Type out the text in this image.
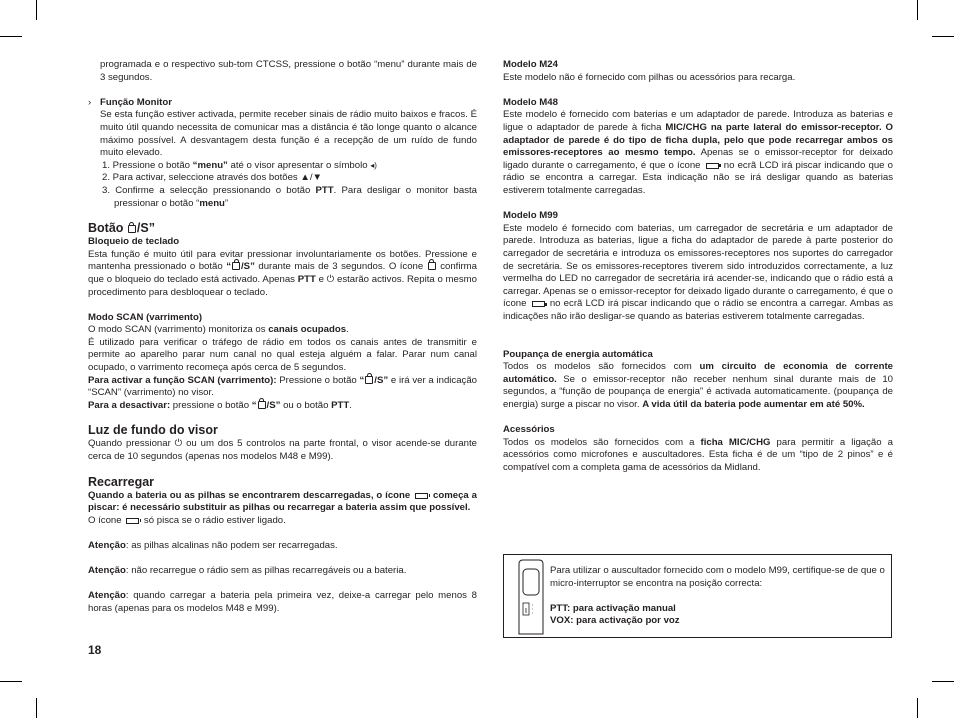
programada e o respectivo sub-tom CTCSS, pressione o botão “menu” durante mais de 3 segundos.

› Função Monitor

Se esta função estiver activada, permite receber sinais de rádio muito baixos e fracos. É muito útil quando necessita de comunicar mas a distância é tão longe quanto o alcance máximo possível. A desvantagem desta função é a recepção de um ruído de fundo muito elevado.

1. Pressione o botão “menu” até o visor apresentar o símbolo ◂)

2. Para activar, seleccione através dos botões ▲/▼

3. Confirme a selecção pressionando o botão PTT. Para desligar o monitor basta pressionar o botão “menu”

Botão /S”

Bloqueio de teclado

Esta função é muito útil para evitar pressionar involuntariamente os botões. Pressione e mantenha pressionado o botão “ /S” durante mais de 3 segundos. O ícone  confirma que o bloqueio do teclado está activado. Apenas PTT e ⏻ estarão activos. Repita o mesmo procedimento para desbloquear o teclado.

Modo SCAN (varrimento)

O modo SCAN (varrimento) monitoriza os canais ocupados.

É utilizado para verificar o tráfego de rádio em todos os canais antes de transmitir e permite ao aparelho parar num canal no qual esteja alguém a falar. Parar num canal ocupado, o varrimento recomeça após cerca de 5 segundos.

Para activar a função SCAN (varrimento): Pressione o botão “ /S” e irá ver a indicação “SCAN” (varrimento) no visor.

Para a desactivar: pressione o botão “ /S” ou o botão PTT.

Luz de fundo do visor

Quando pressionar ⏻ ou um dos 5 controlos na parte frontal, o visor acende-se durante cerca de 10 segundos (apenas nos modelos M48 e M99).

Recarregar

Quando a bateria ou as pilhas se encontrarem descarregadas, o ícone  começa a piscar: é necessário substituir as pilhas ou recarregar a bateria assim que possível.

O ícone  só pisca se o rádio estiver ligado.

Atenção: as pilhas alcalinas não podem ser recarregadas.

Atenção: não recarregue o rádio sem as pilhas recarregáveis ou a bateria.

Atenção: quando carregar a bateria pela primeira vez, deixe-a carregar pelo menos 8 horas (apenas para os modelos M48 e M99).

18

Modelo M24

Este modelo não é fornecido com pilhas ou acessórios para recarga.

Modelo M48

Este modelo é fornecido com baterias e um adaptador de parede. Introduza as baterias e ligue o adaptador de parede à ficha MIC/CHG na parte lateral do emissor-receptor. O adaptador de parede é do tipo de ficha dupla, pelo que pode recarregar ambos os emissores-receptores ao mesmo tempo. Apenas se o emissor-receptor for deixado ligado durante o carregamento, é que o ícone  no ecrã LCD irá piscar indicando que o rádio se encontra a carregar. Esta indicação não se irá desligar quando as baterias estiverem totalmente carregadas.

Modelo M99

Este modelo é fornecido com baterias, um carregador de secretária e um adaptador de parede. Introduza as baterias, ligue a ficha do adaptador de parede à parte posterior do carregador de secretária e introduza os emissores-receptores nos suportes do carregador de secretária. Se os emissores-receptores tiverem sido introduzidos correctamente, a luz vermelha do LED no carregador de secretária irá acender-se, indicando que o rádio está a carregar. Apenas se o emissor-receptor for deixado ligado durante o carregamento, é que o ícone  no ecrã LCD irá piscar indicando que o rádio se encontra a carregar. Ambas as indicações não irão desligar-se quando as baterias estiverem totalmente carregadas.

Poupança de energia automática

Todos os modelos são fornecidos com um circuito de economia de corrente automático. Se o emissor-receptor não receber nenhum sinal durante mais de 10 segundos, a “função de poupança de energia” é activada automaticamente. (poupança de energia) surge a piscar no visor. A vida útil da bateria pode aumentar em até 50%.

Acessórios

Todos os modelos são fornecidos com a ficha MIC/CHG para permitir a ligação a acessórios como microfones e auscultadores. Esta ficha é de um “tipo de 2 pinos” e é compatível com a completa gama de acessórios da Midland.

Para utilizar o auscultador fornecido com o modelo M99, certifique-se de que o micro-interruptor se encontra na posição correcta:

PTT: para activação manual

VOX: para activação por voz
